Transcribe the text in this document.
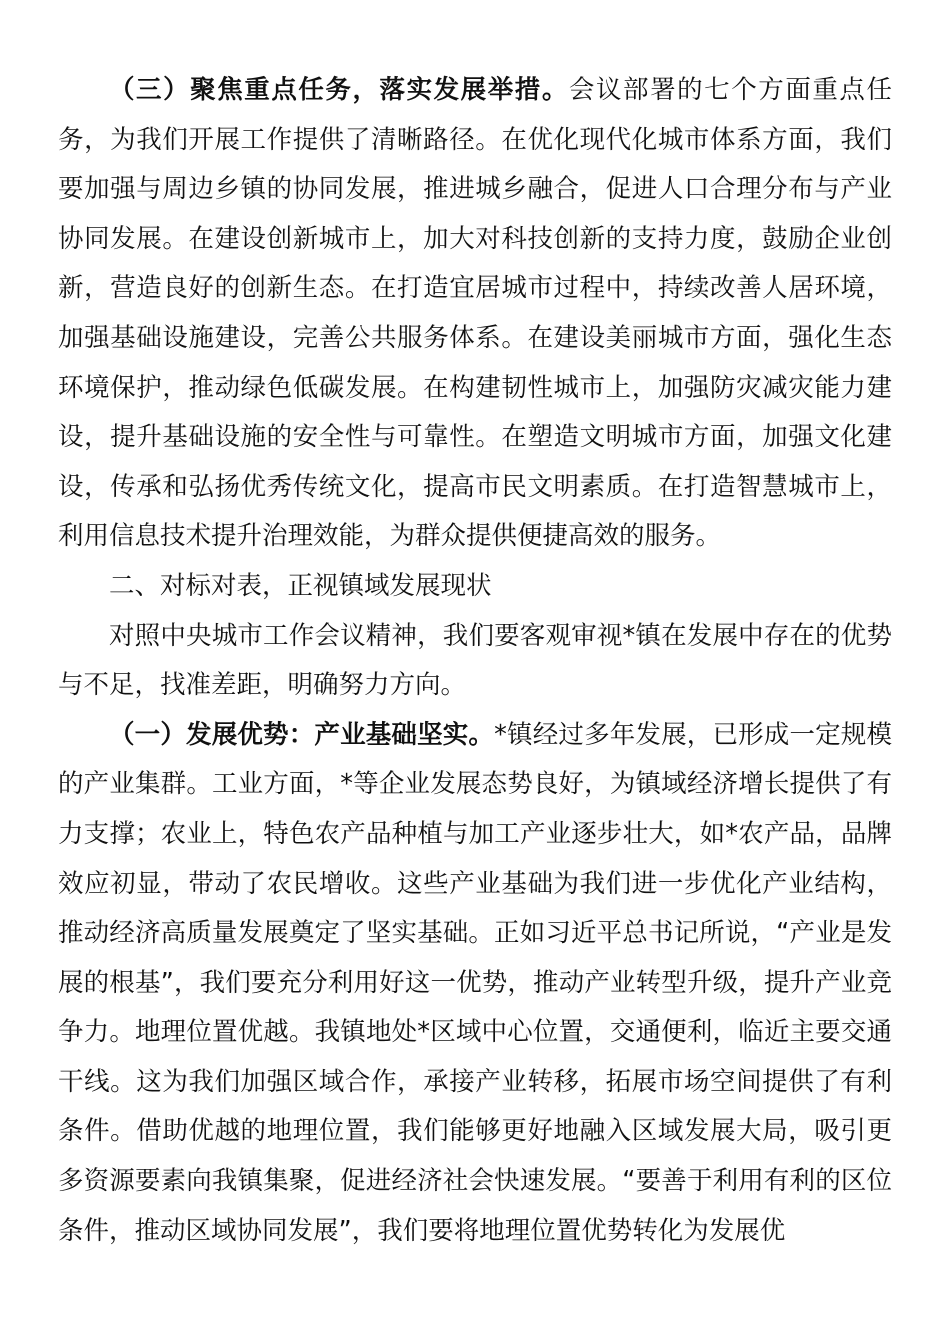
（三）聚焦重点任务，落实发展举措。会议部署的七个方面重点任务，为我们开展工作提供了清晰路径。在优化现代化城市体系方面，我们要加强与周边乡镇的协同发展，推进城乡融合，促进人口合理分布与产业协同发展。在建设创新城市上，加大对科技创新的支持力度，鼓励企业创新，营造良好的创新生态。在打造宜居城市过程中，持续改善人居环境，加强基础设施建设，完善公共服务体系。在建设美丽城市方面，强化生态环境保护，推动绿色低碳发展。在构建韧性城市上，加强防灾减灾能力建设，提升基础设施的安全性与可靠性。在塑造文明城市方面，加强文化建设，传承和弘扬优秀传统文化，提高市民文明素质。在打造智慧城市上，利用信息技术提升治理效能，为群众提供便捷高效的服务。

二、对标对表，正视镇域发展现状

对照中央城市工作会议精神，我们要客观审视*镇在发展中存在的优势与不足，找准差距，明确努力方向。

（一）发展优势：产业基础坚实。*镇经过多年发展，已形成一定规模的产业集群。工业方面，*等企业发展态势良好，为镇域经济增长提供了有力支撑；农业上，特色农产品种植与加工产业逐步壮大，如*农产品，品牌效应初显，带动了农民增收。这些产业基础为我们进一步优化产业结构，推动经济高质量发展奠定了坚实基础。正如习近平总书记所说，“产业是发展的根基”，我们要充分利用好这一优势，推动产业转型升级，提升产业竞争力。地理位置优越。我镇地处*区域中心位置，交通便利，临近主要交通干线。这为我们加强区域合作，承接产业转移，拓展市场空间提供了有利条件。借助优越的地理位置，我们能够更好地融入区域发展大局，吸引更多资源要素向我镇集聚，促进经济社会快速发展。“要善于利用有利的区位条件，推动区域协同发展”，我们要将地理位置优势转化为发展优
